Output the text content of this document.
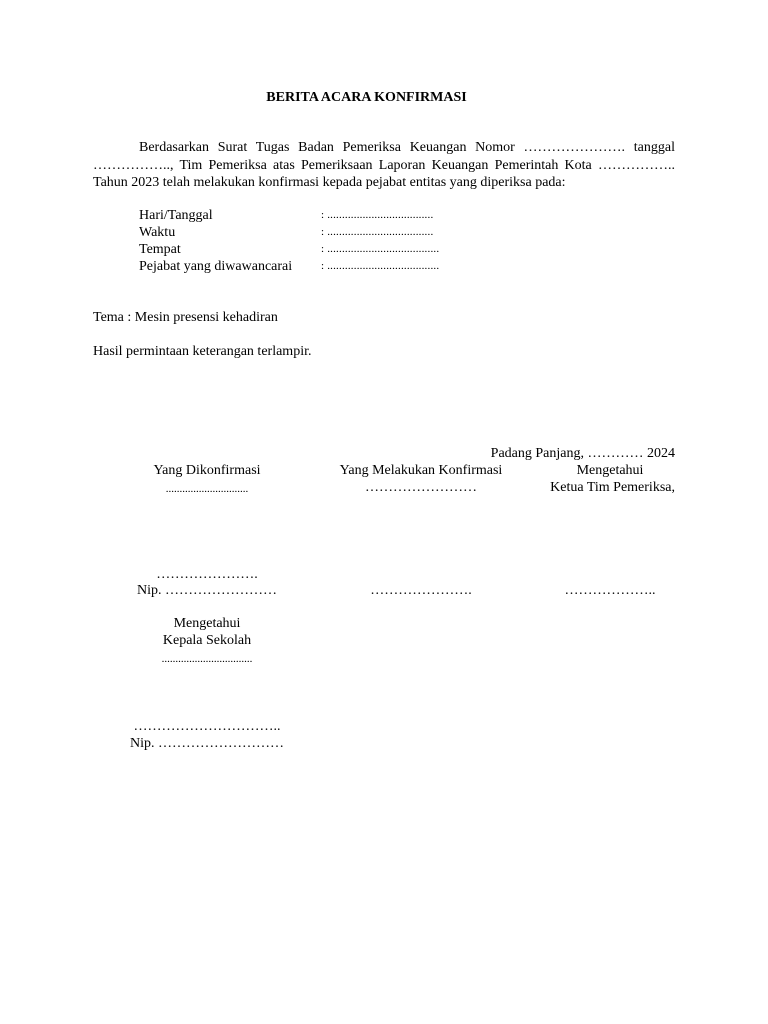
BERITA ACARA KONFIRMASI
Berdasarkan Surat Tugas Badan Pemeriksa Keuangan Nomor …………………. tanggal
…………….., Tim Pemeriksa atas Pemeriksaan Laporan Keuangan Pemerintah Kota ……………..
Tahun 2023 telah melakukan konfirmasi kepada pejabat entitas yang diperiksa pada:
Hari/Tanggal	: ....................................
Waktu	: ....................................
Tempat	: ......................................
Pejabat yang diwawancarai	: ......................................
Tema : Mesin presensi kehadiran
Hasil permintaan keterangan terlampir.
Padang Panjang, ………… 2024
Yang Dikonfirmasi
..............................
Yang Melakukan Konfirmasi
……………………
Mengetahui
Ketua Tim Pemeriksa,
………………….
Nip. ……………………	………………….	………………..
Mengetahui
Kepala Sekolah
.................................
…………………………..
Nip. ………………………
